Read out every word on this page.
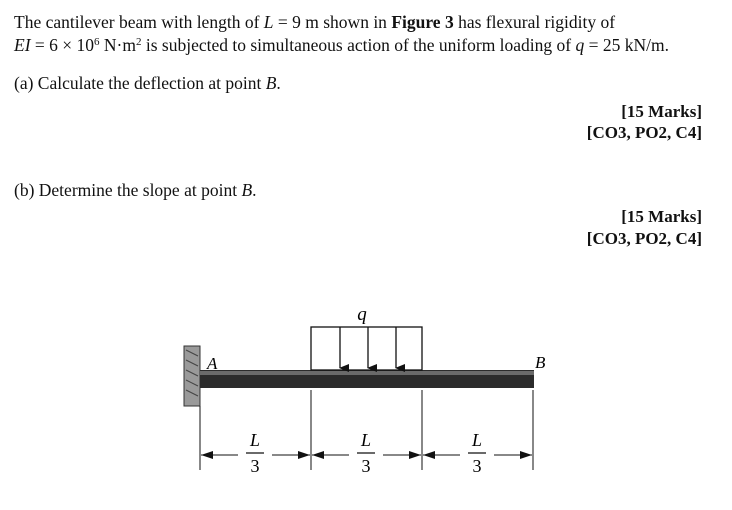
The cantilever beam with length of L = 9 m shown in Figure 3 has flexural rigidity of
EI = $6 \times 10^6$ $N\cdot m^2$ is subjected to simultaneous action of the uniform loading of q = 25 kN/m.
(a) Calculate the deflection at point B.
[15 Marks]
[CO3, PO2, C4]
(b) Determine the slope at point B.
[15 Marks]
[CO3, PO2, C4]
q
A	B
L
3
L
3
L
3
